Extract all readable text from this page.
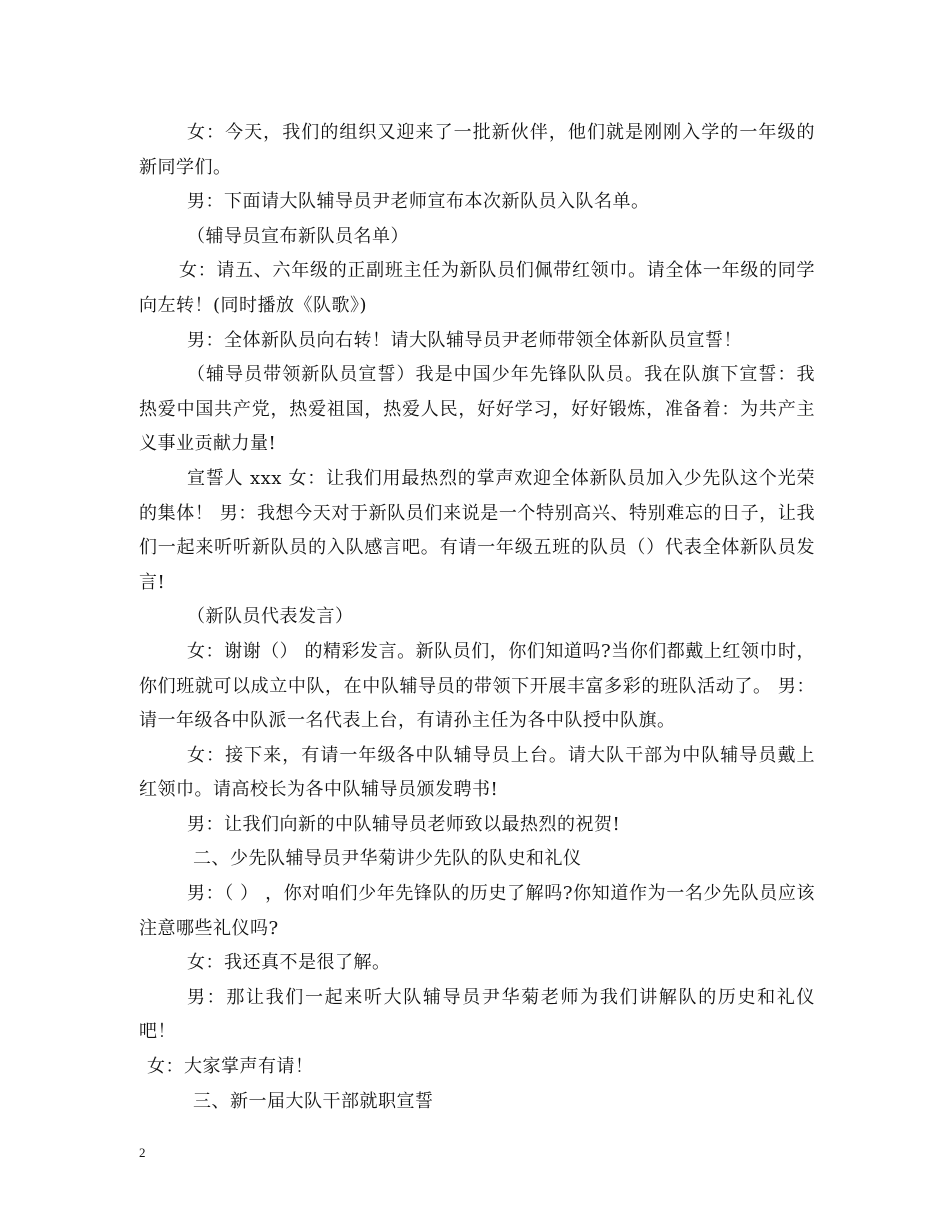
女：今天，我们的组织又迎来了一批新伙伴，他们就是刚刚入学的一年级的新同学们。

男：下面请大队辅导员尹老师宣布本次新队员入队名单。

（辅导员宣布新队员名单）

女：请五、六年级的正副班主任为新队员们佩带红领巾。请全体一年级的同学向左转！(同时播放《队歌》)

男：全体新队员向右转！请大队辅导员尹老师带领全体新队员宣誓！

（辅导员带领新队员宣誓）我是中国少年先锋队队员。我在队旗下宣誓：我热爱中国共产党，热爱祖国，热爱人民，好好学习，好好锻炼，准备着：为共产主义事业贡献力量!

宣誓人 xxx 女：让我们用最热烈的掌声欢迎全体新队员加入少先队这个光荣的集体！ 男：我想今天对于新队员们来说是一个特别高兴、特别难忘的日子，让我们一起来听听新队员的入队感言吧。有请一年级五班的队员（）代表全体新队员发言!

（新队员代表发言）

女：谢谢（） 的精彩发言。新队员们，你们知道吗?当你们都戴上红领巾时，你们班就可以成立中队，在中队辅导员的带领下开展丰富多彩的班队活动了。 男：请一年级各中队派一名代表上台，有请孙主任为各中队授中队旗。

女：接下来，有请一年级各中队辅导员上台。请大队干部为中队辅导员戴上红领巾。请高校长为各中队辅导员颁发聘书!

男：让我们向新的中队辅导员老师致以最热烈的祝贺!

二、少先队辅导员尹华菊讲少先队的队史和礼仪

男：（ ） ，你对咱们少年先锋队的历史了解吗?你知道作为一名少先队员应该注意哪些礼仪吗?

女：我还真不是很了解。

男：那让我们一起来听大队辅导员尹华菊老师为我们讲解队的历史和礼仪吧！

女：大家掌声有请！

三、新一届大队干部就职宣誓

2
